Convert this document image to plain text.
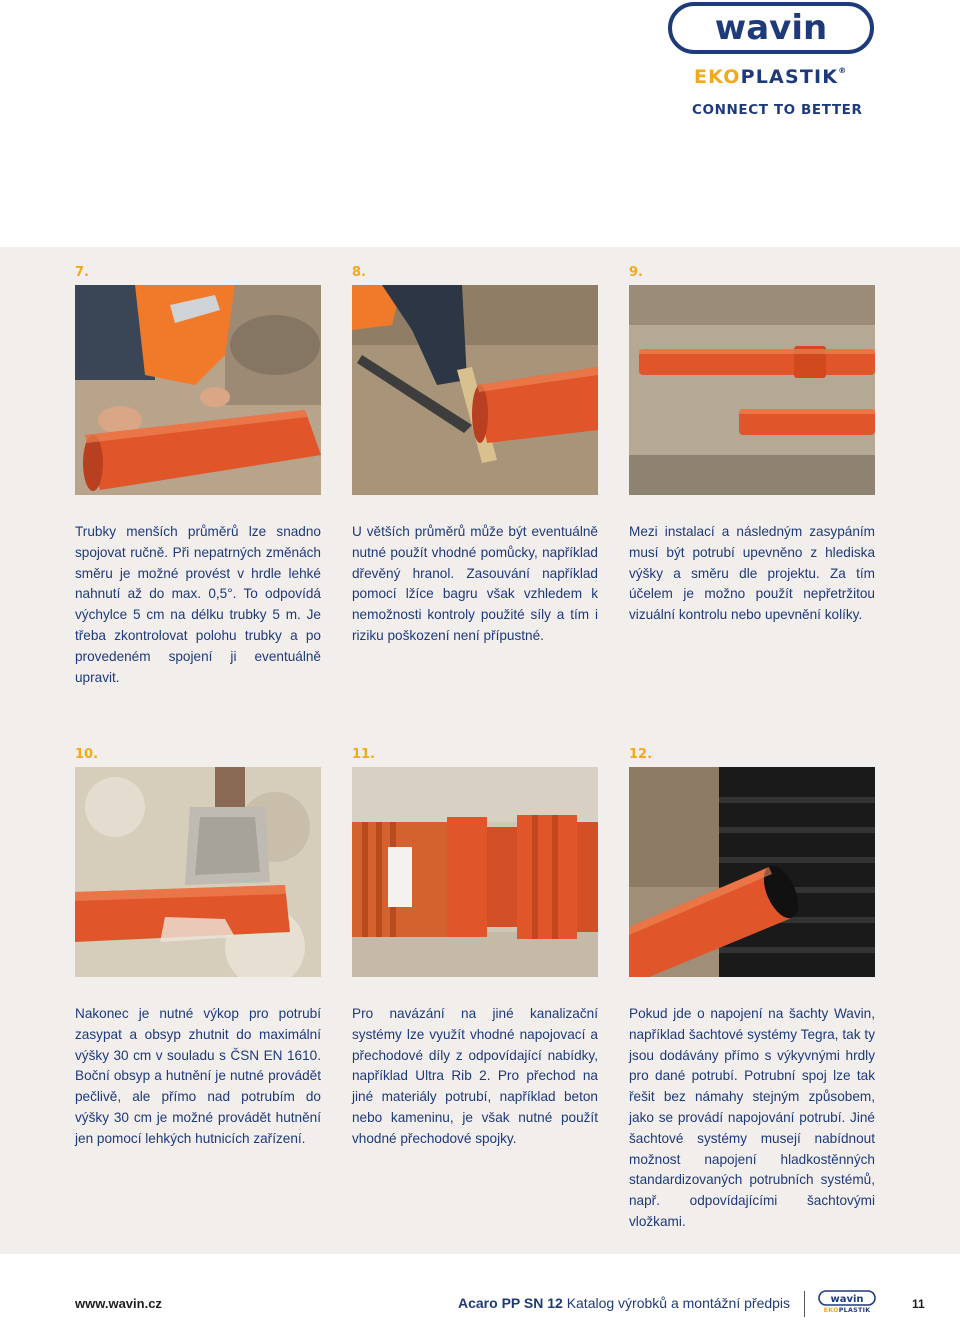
wavin
EKOPLASTIK®
CONNECT TO BETTER
7.
Trubky menších průměrů lze snadno spojovat ručně. Při nepatrných změnách směru je možné provést v hrdle lehké nahnutí až do max. 0,5°. To odpovídá výchylce 5 cm na délku trubky 5 m. Je třeba zkontrolovat polohu trubky a po provedeném spojení ji eventuálně upravit.
8.
U větších průměrů může být eventuálně nutné použít vhodné pomůcky, například dřevěný hranol. Zasouvání například pomocí lžíce bagru však vzhledem k nemožnosti kontroly použité síly a tím i riziku poškození není přípustné.
9.
Mezi instalací a následným zasypáním musí být potrubí upevněno z hlediska výšky a směru dle projektu. Za tím účelem je možno použít nepřetržitou vizuální kontrolu nebo upevnění kolíky.
10.
Nakonec je nutné výkop pro potrubí zasypat a obsyp zhutnit do maximální výšky 30 cm v souladu s ČSN EN 1610. Boční obsyp a hutnění je nutné provádět pečlivě, ale přímo nad potrubím do výšky 30 cm je možné provádět hutnění jen pomocí lehkých hutnicích zařízení.
11.
Pro navázání na jiné kanalizační systémy lze využít vhodné napojovací a přechodové díly z odpovídající nabídky, například Ultra Rib 2. Pro přechod na jiné materiály potrubí, například beton nebo kameninu, je však nutné použít vhodné přechodové spojky.
12.
Pokud jde o napojení na šachty Wavin, například šachtové systémy Tegra, tak ty jsou dodávány přímo s výkyvnými hrdly pro dané potrubí. Potrubní spoj lze tak řešit bez námahy stejným způsobem, jako se provádí napojování potrubí. Jiné šachtové systémy musejí nabídnout možnost napojení hladkostěnných standardizovaných potrubních systémů, např. odpovídajícími šachtovými vložkami.
www.wavin.cz	Acaro PP SN 12 Katalog výrobků a montážní předpis	wavin
EKOPLASTIK	11
